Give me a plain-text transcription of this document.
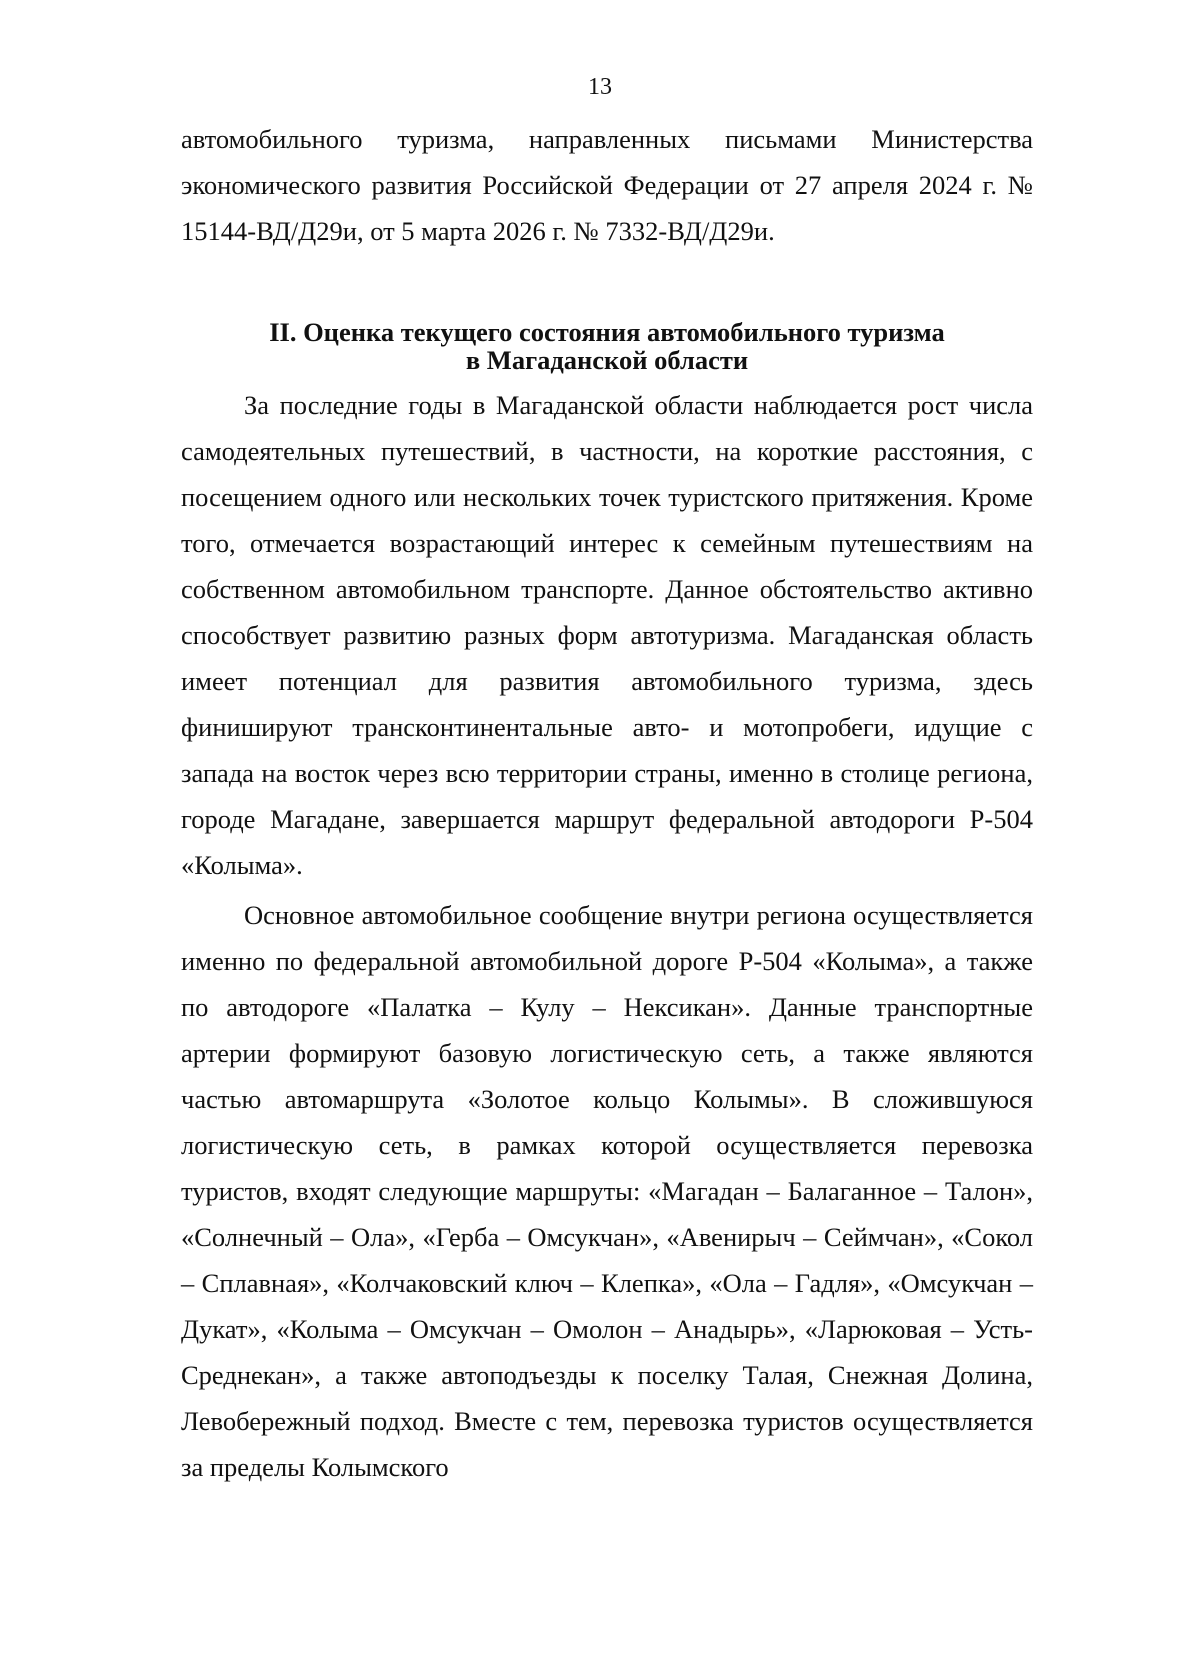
13

автомобильного туризма, направленных письмами Министерства экономического развития Российской Федерации от 27 апреля 2024 г. № 15144-ВД/Д29и, от 5 марта 2026 г. № 7332-ВД/Д29и.

II. Оценка текущего состояния автомобильного туризма
в Магаданской области

За последние годы в Магаданской области наблюдается рост числа самодеятельных путешествий, в частности, на короткие расстояния, с посещением одного или нескольких точек туристского притяжения. Кроме того, отмечается возрастающий интерес к семейным путешествиям на собственном автомобильном транспорте. Данное обстоятельство активно способствует развитию разных форм автотуризма. Магаданская область имеет потенциал для развития автомобильного туризма, здесь финишируют трансконтинентальные авто- и мотопробеги, идущие с запада на восток через всю территории страны, именно в столице региона, городе Магадане, завершается маршрут федеральной автодороги Р-504 «Колыма».

Основное автомобильное сообщение внутри региона осуществляется именно по федеральной автомобильной дороге Р-504 «Колыма», а также по автодороге «Палатка – Кулу – Нексикан». Данные транспортные артерии формируют базовую логистическую сеть, а также являются частью автомаршрута «Золотое кольцо Колымы». В сложившуюся логистическую сеть, в рамках которой осуществляется перевозка туристов, входят следующие маршруты: «Магадан – Балаганное – Талон», «Солнечный – Ола», «Герба – Омсукчан», «Авенирыч – Сеймчан», «Сокол – Сплавная», «Колчаковский ключ – Клепка», «Ола – Гадля», «Омсукчан – Дукат», «Колыма – Омсукчан – Омолон – Анадырь», «Ларюковая – Усть-Среднекан», а также автоподъезды к поселку Талая, Снежная Долина, Левобережный подход. Вместе с тем, перевозка туристов осуществляется за пределы Колымского
